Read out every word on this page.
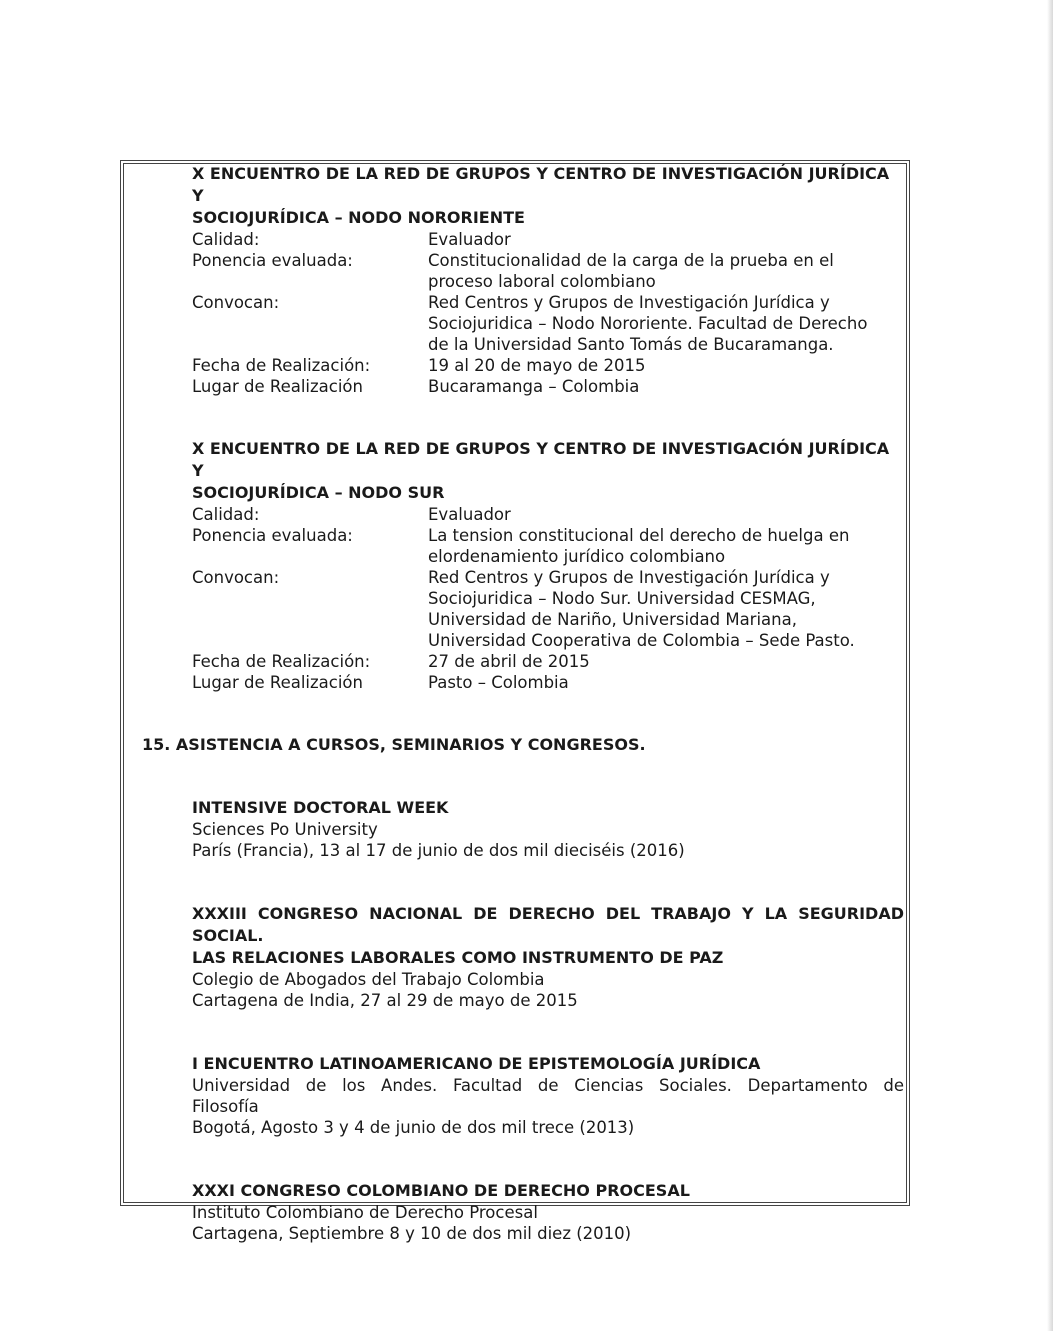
X ENCUENTRO DE LA RED DE GRUPOS Y CENTRO DE INVESTIGACIÓN JURÍDICA Y
SOCIOJURÍDICA – NODO NORORIENTE
Calidad:	Evaluador
Ponencia evaluada:	Constitucionalidad de la carga de la prueba en el
proceso laboral colombiano
Convocan:	Red Centros y Grupos de Investigación Jurídica y
Sociojuridica – Nodo Nororiente. Facultad de Derecho
de la Universidad Santo Tomás de Bucaramanga.
Fecha de Realización:	19 al 20 de mayo de 2015
Lugar de Realización	Bucaramanga – Colombia
X ENCUENTRO DE LA RED DE GRUPOS Y CENTRO DE INVESTIGACIÓN JURÍDICA Y
SOCIOJURÍDICA – NODO SUR
Calidad:	Evaluador
Ponencia evaluada:	La tension constitucional del derecho de huelga en
elordenamiento jurídico colombiano
Convocan:	Red Centros y Grupos de Investigación Jurídica y
Sociojuridica – Nodo Sur. Universidad CESMAG,
Universidad de Nariño, Universidad Mariana,
Universidad Cooperativa de Colombia – Sede Pasto.
Fecha de Realización:	27 de abril de 2015
Lugar de Realización	Pasto – Colombia
15. ASISTENCIA A CURSOS, SEMINARIOS Y CONGRESOS.
INTENSIVE DOCTORAL WEEK
Sciences Po University
París (Francia), 13 al 17 de junio de dos mil dieciséis (2016)
XXXIII CONGRESO NACIONAL DE DERECHO DEL TRABAJO Y LA SEGURIDAD SOCIAL.
LAS RELACIONES LABORALES COMO INSTRUMENTO DE PAZ
Colegio de Abogados del Trabajo Colombia
Cartagena de India, 27 al 29 de mayo de 2015
I ENCUENTRO LATINOAMERICANO DE EPISTEMOLOGÍA JURÍDICA
Universidad de los Andes. Facultad de Ciencias Sociales. Departamento de
Filosofía
Bogotá, Agosto 3 y 4 de junio de dos mil trece (2013)
XXXI CONGRESO COLOMBIANO DE DERECHO PROCESAL
Instituto Colombiano de Derecho Procesal
Cartagena, Septiembre 8 y 10 de dos mil diez (2010)
